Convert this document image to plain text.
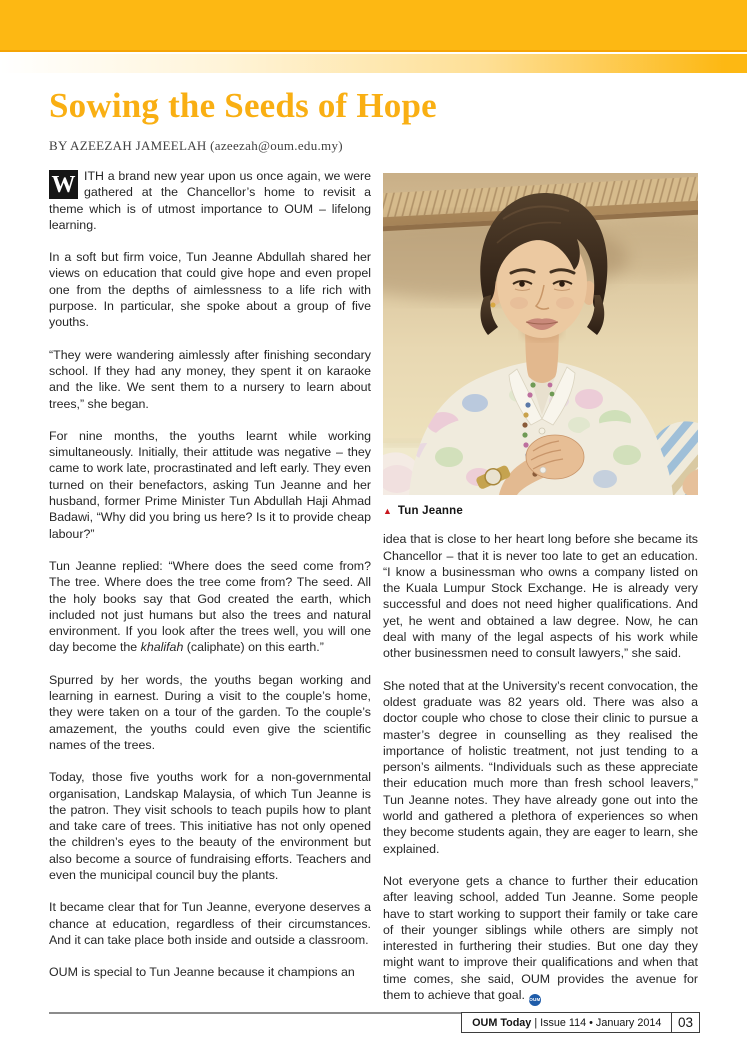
Sowing the Seeds of Hope
BY AZEEZAH JAMEELAH (azeezah@oum.edu.my)

W ITH a brand new year upon us once again, we were gathered at the Chancellor’s home to revisit a theme which is of utmost importance to OUM – lifelong learning.

In a soft but firm voice, Tun Jeanne Abdullah shared her views on education that could give hope and even propel one from the depths of aimlessness to a life rich with purpose. In particular, she spoke about a group of five youths.

“They were wandering aimlessly after finishing secondary school. If they had any money, they spent it on karaoke and the like. We sent them to a nursery to learn about trees,” she began.

For nine months, the youths learnt while working simultaneously. Initially, their attitude was negative – they came to work late, procrastinated and left early. They even turned on their benefactors, asking Tun Jeanne and her husband, former Prime Minister Tun Abdullah Haji Ahmad Badawi, “Why did you bring us here? Is it to provide cheap labour?”

Tun Jeanne replied: “Where does the seed come from? The tree. Where does the tree come from? The seed. All the holy books say that God created the earth, which included not just humans but also the trees and natural environment. If you look after the trees well, you will one day become the khalifah (caliphate) on this earth.”

Spurred by her words, the youths began working and learning in earnest. During a visit to the couple’s home, they were taken on a tour of the garden. To the couple’s amazement, the youths could even give the scientific names of the trees.

Today, those five youths work for a non-governmental organisation, Landskap Malaysia, of which Tun Jeanne is the patron. They visit schools to teach pupils how to plant and take care of trees. This initiative has not only opened the children’s eyes to the beauty of the environment but also become a source of fundraising efforts. Teachers and even the municipal council buy the plants.

It became clear that for Tun Jeanne, everyone deserves a chance at education, regardless of their circumstances. And it can take place both inside and outside a classroom.

OUM is special to Tun Jeanne because it champions an

▲ Tun Jeanne

idea that is close to her heart long before she became its Chancellor – that it is never too late to get an education. “I know a businessman who owns a company listed on the Kuala Lumpur Stock Exchange. He is already very successful and does not need higher qualifications. And yet, he went and obtained a law degree. Now, he can deal with many of the legal aspects of his work while other businessmen need to consult lawyers,” she said.

She noted that at the University’s recent convocation, the oldest graduate was 82 years old. There was also a doctor couple who chose to close their clinic to pursue a master’s degree in counselling as they realised the importance of holistic treatment, not just tending to a person’s ailments. “Individuals such as these appreciate their education much more than fresh school leavers,” Tun Jeanne notes. They have already gone out into the world and gathered a plethora of experiences so when they become students again, they are eager to learn, she explained.

Not everyone gets a chance to further their education after leaving school, added Tun Jeanne. Some people have to start working to support their family or take care of their younger siblings while others are simply not interested in furthering their studies. But one day they might want to improve their qualifications and when that time comes, she said, OUM provides the avenue for them to achieve that goal. OUM

OUM Today | Issue 114 • January 2014	03
